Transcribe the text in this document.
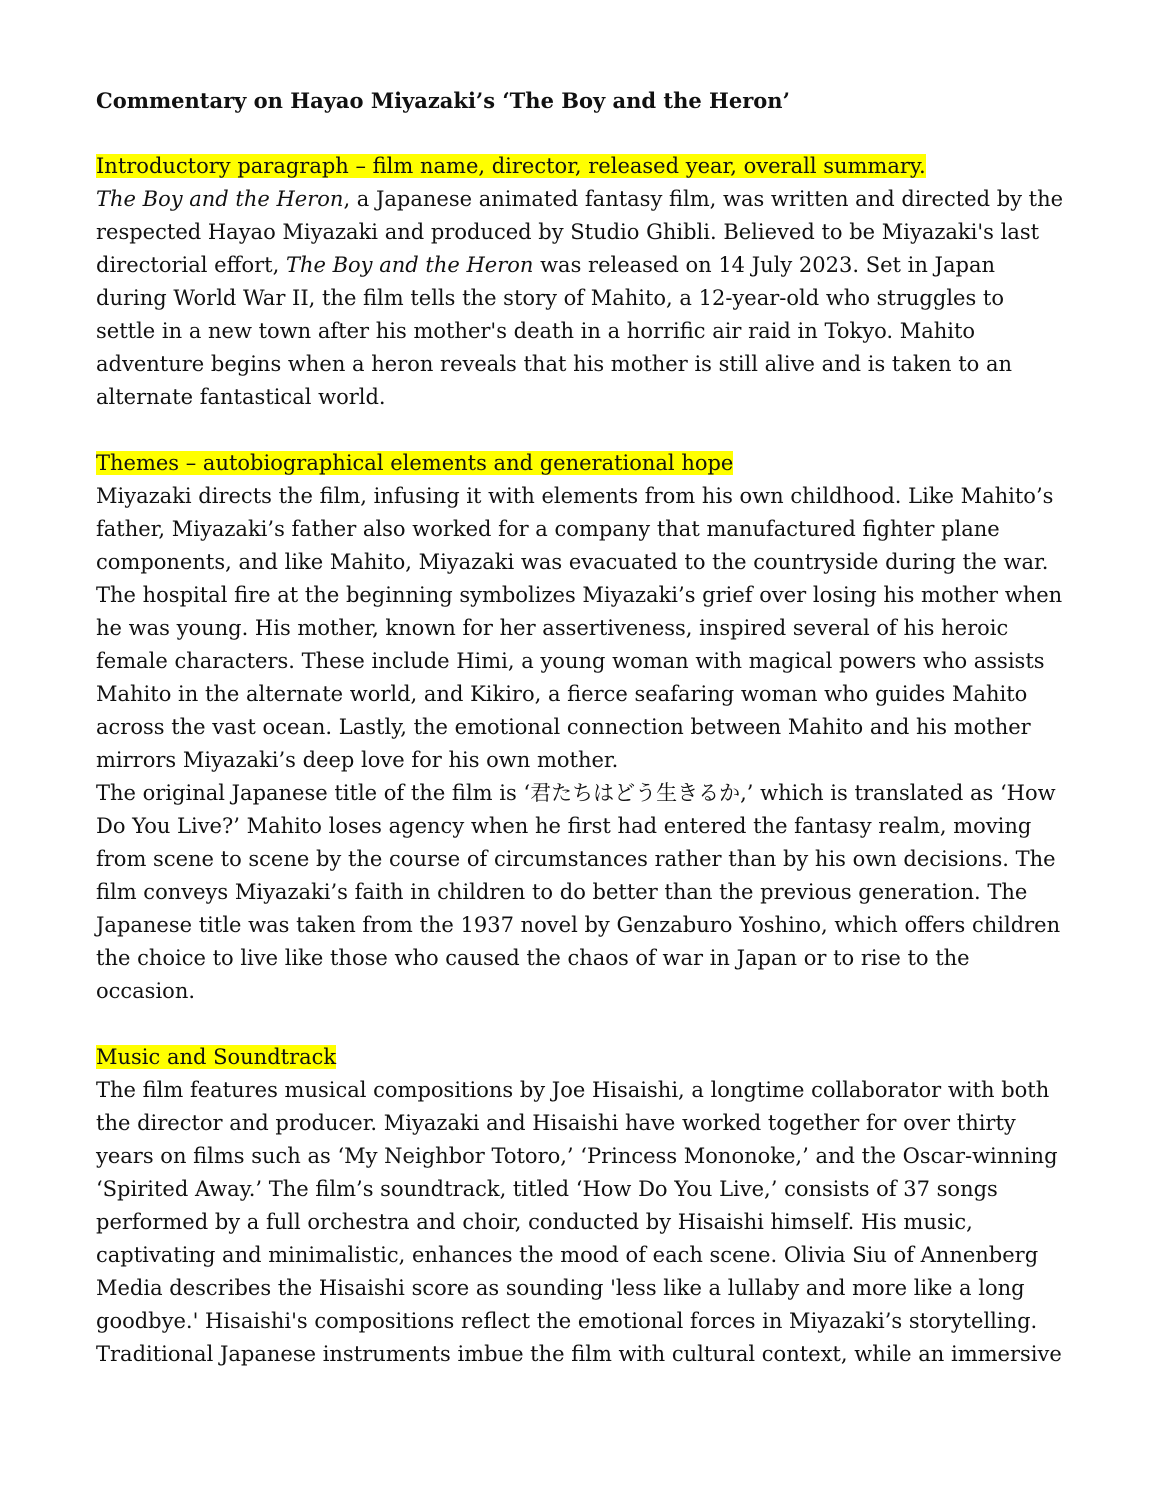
Commentary on Hayao Miyazaki’s ‘The Boy and the Heron’

Introductory paragraph – film name, director, released year, overall summary.

The Boy and the Heron, a Japanese animated fantasy film, was written and directed by the respected Hayao Miyazaki and produced by Studio Ghibli. Believed to be Miyazaki's last directorial effort, The Boy and the Heron was released on 14 July 2023. Set in Japan during World War II, the film tells the story of Mahito, a 12-year-old who struggles to settle in a new town after his mother's death in a horrific air raid in Tokyo. Mahito adventure begins when a heron reveals that his mother is still alive and is taken to an alternate fantastical world.

Themes – autobiographical elements and generational hope

Miyazaki directs the film, infusing it with elements from his own childhood. Like Mahito’s father, Miyazaki’s father also worked for a company that manufactured fighter plane components, and like Mahito, Miyazaki was evacuated to the countryside during the war. The hospital fire at the beginning symbolizes Miyazaki’s grief over losing his mother when he was young. His mother, known for her assertiveness, inspired several of his heroic female characters. These include Himi, a young woman with magical powers who assists Mahito in the alternate world, and Kikiro, a fierce seafaring woman who guides Mahito across the vast ocean. Lastly, the emotional connection between Mahito and his mother mirrors Miyazaki’s deep love for his own mother.

The original Japanese title of the film is ‘君たちはどう生きるか,’ which is translated as ‘How Do You Live?’ Mahito loses agency when he first had entered the fantasy realm, moving from scene to scene by the course of circumstances rather than by his own decisions. The film conveys Miyazaki’s faith in children to do better than the previous generation. The Japanese title was taken from the 1937 novel by Genzaburo Yoshino, which offers children the choice to live like those who caused the chaos of war in Japan or to rise to the occasion.

Music and Soundtrack

The film features musical compositions by Joe Hisaishi, a longtime collaborator with both the director and producer. Miyazaki and Hisaishi have worked together for over thirty years on films such as ‘My Neighbor Totoro,’ ‘Princess Mononoke,’ and the Oscar-winning ‘Spirited Away.’ The film’s soundtrack, titled ‘How Do You Live,’ consists of 37 songs performed by a full orchestra and choir, conducted by Hisaishi himself. His music, captivating and minimalistic, enhances the mood of each scene. Olivia Siu of Annenberg Media describes the Hisaishi score as sounding 'less like a lullaby and more like a long goodbye.' Hisaishi's compositions reflect the emotional forces in Miyazaki’s storytelling. Traditional Japanese instruments imbue the film with cultural context, while an immersive
